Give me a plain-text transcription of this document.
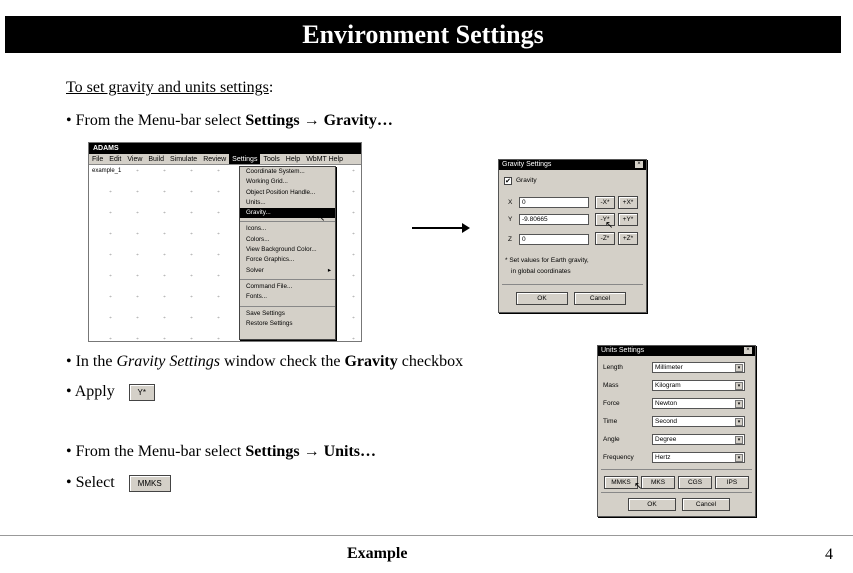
Environment Settings
To set gravity and units settings:
• From the Menu-bar select Settings → Gravity…
ADAMS
File Edit View Build Simulate Review Settings Tools Help WbMT Help
example_1	Coordinate System...
Working Grid...
Object Position Handle...
Units...
Gravity...
Icons...
Colors...
View Background Color...
Force Graphics...
Solver	▸
Command File...
Fonts...
Save Settings
Restore Settings
↖
Gravity Settings	×
✔ Gravity
X	0
Y	-9.80665
Z	0
-X*	+X*
-Y*	+Y*
-Z*	+Z*
↖
* Set values for Earth gravity,
in global coordinates
OK	Cancel
• In the Gravity Settings window check the Gravity checkbox
• Apply	Y*
• From the Menu-bar select Settings → Units…
• Select	MMKS
Units Settings	×
Length	Millimeter	▾
Mass	Kilogram	▾
Force	Newton	▾
Time	Second	▾
Angle	Degree	▾
Frequency	Hertz	▾
MMKS	MKS	CGS	IPS
↖
OK	Cancel
Example	4
